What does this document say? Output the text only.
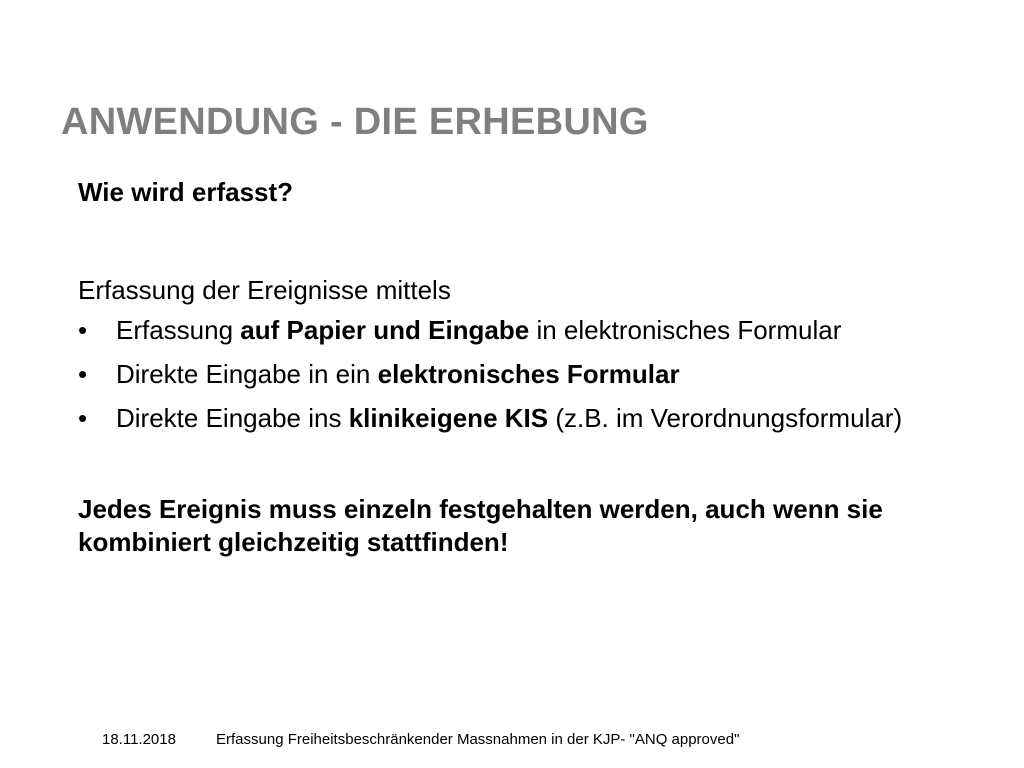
ANWENDUNG - DIE ERHEBUNG

Wie wird erfasst?

Erfassung der Ereignisse mittels

• Erfassung auf Papier und Eingabe in elektronisches Formular
• Direkte Eingabe in ein elektronisches Formular
• Direkte Eingabe ins klinikeigene KIS (z.B. im Verordnungsformular)

Jedes Ereignis muss einzeln festgehalten werden, auch wenn sie kombiniert gleichzeitig stattfinden!

18.11.2018	Erfassung Freiheitsbeschränkender Massnahmen in der KJP- "ANQ approved"
